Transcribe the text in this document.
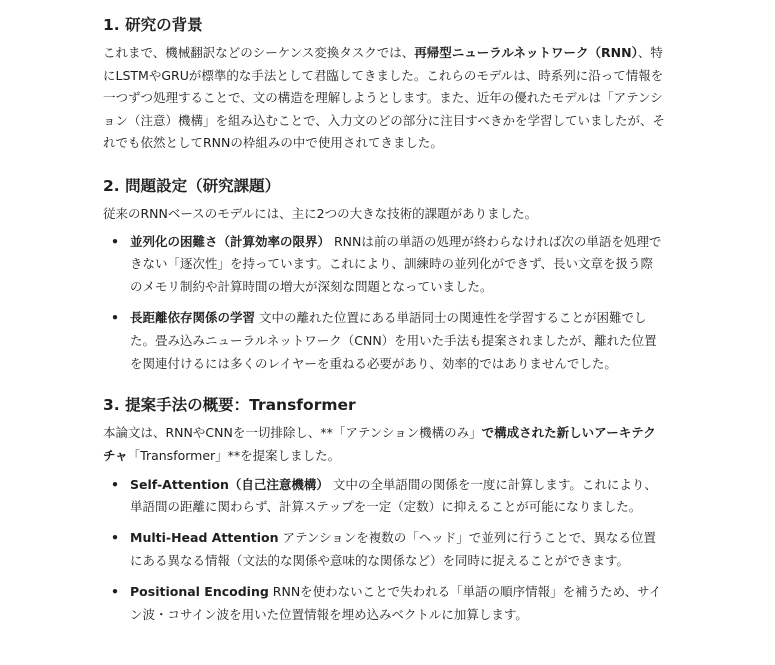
1. 研究の背景

これまで、機械翻訳などのシーケンス変換タスクでは、再帰型ニューラルネットワーク（RNN）、特にLSTMやGRUが標準的な手法として君臨してきました。これらのモデルは、時系列に沿って情報を一つずつ処理することで、文の構造を理解しようとします。また、近年の優れたモデルは「アテンション（注意）機構」を組み込むことで、入力文のどの部分に注目すべきかを学習していましたが、それでも依然としてRNNの枠組みの中で使用されてきました。

2. 問題設定（研究課題）

従来のRNNベースのモデルには、主に2つの大きな技術的課題がありました。

• 並列化の困難さ（計算効率の限界） RNNは前の単語の処理が終わらなければ次の単語を処理できない「逐次性」を持っています。これにより、訓練時の並列化ができず、長い文章を扱う際のメモリ制約や計算時間の増大が深刻な問題となっていました。
• 長距離依存関係の学習 文中の離れた位置にある単語同士の関連性を学習することが困難でした。畳み込みニューラルネットワーク（CNN）を用いた手法も提案されましたが、離れた位置を関連付けるには多くのレイヤーを重ねる必要があり、効率的ではありませんでした。
3. 提案手法の概要：Transformer

本論文は、RNNやCNNを一切排除し、**「アテンション機構のみ」で構成された新しいアーキテクチャ「Transformer」**を提案しました。

• Self-Attention（自己注意機構） 文中の全単語間の関係を一度に計算します。これにより、単語間の距離に関わらず、計算ステップを一定（定数）に抑えることが可能になりました。
• Multi-Head Attention アテンションを複数の「ヘッド」で並列に行うことで、異なる位置にある異なる情報（文法的な関係や意味的な関係など）を同時に捉えることができます。
• Positional Encoding RNNを使わないことで失われる「単語の順序情報」を補うため、サイン波・コサイン波を用いた位置情報を埋め込みベクトルに加算します。
